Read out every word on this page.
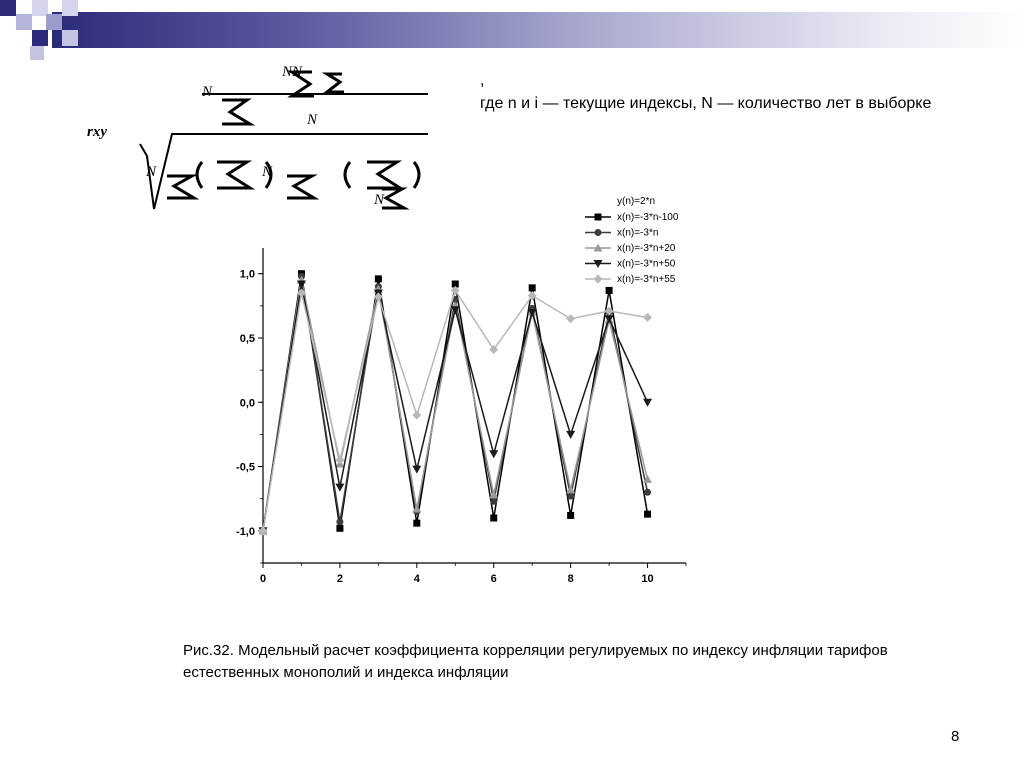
NN
N
N
N	N
N
rxy
,
где n и i — текущие индексы, N — количество лет в выборке
1,0
0,5
0,0
-0,5
-1,0
0	2	4	6	8	10
y(n)=2*n
x(n)=-3*n-100
x(n)=-3*n
x(n)=-3*n+20
x(n)=-3*n+50
x(n)=-3*n+55
Рис.32. Модельный расчет коэффициента корреляции регулируемых по индексу инфляции тарифов естественных монополий и индекса инфляции
8
